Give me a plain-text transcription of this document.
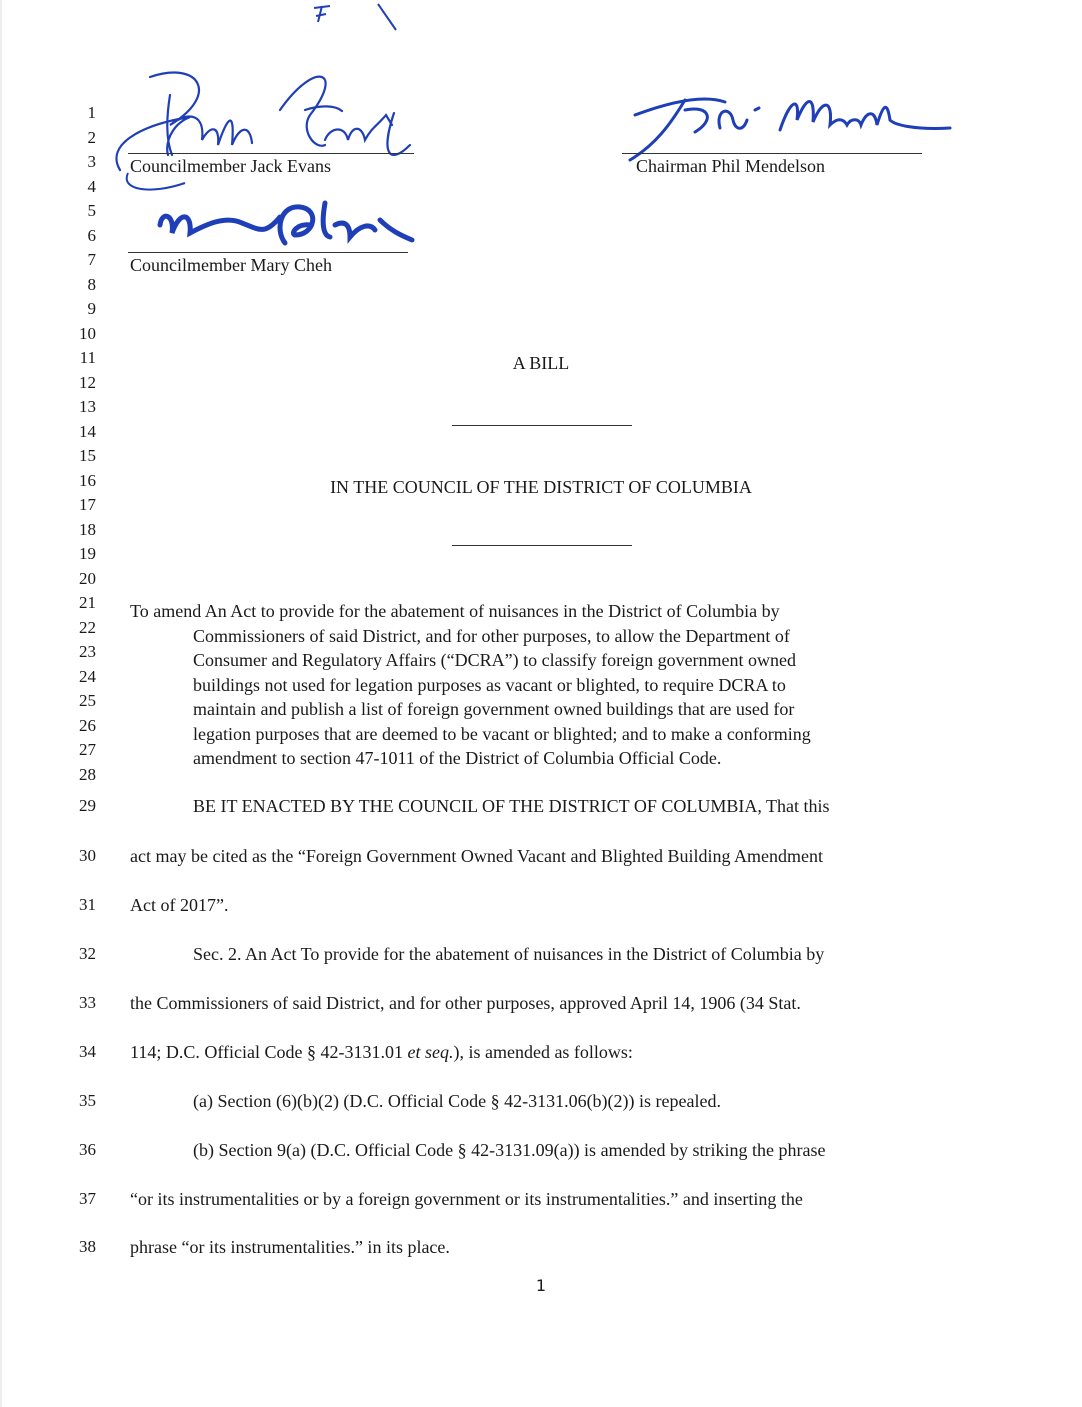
1
2
3
4
5
6
7
8
9
10
11
12
13
14
15
16
17
18
19
20
21
22
23
24
25
26
27
28
Councilmember Jack Evans	Chairman Phil Mendelson
Councilmember Mary Cheh
A BILL
IN THE COUNCIL OF THE DISTRICT OF COLUMBIA
To amend An Act to provide for the abatement of nuisances in the District of Columbia by
Commissioners of said District, and for other purposes, to allow the Department of
Consumer and Regulatory Affairs (“DCRA”) to classify foreign government owned
buildings not used for legation purposes as vacant or blighted, to require DCRA to
maintain and publish a list of foreign government owned buildings that are used for
legation purposes that are deemed to be vacant or blighted; and to make a conforming
amendment to section 47-1011 of the District of Columbia Official Code.
29	BE IT ENACTED BY THE COUNCIL OF THE DISTRICT OF COLUMBIA, That this
30 act may be cited as the “Foreign Government Owned Vacant and Blighted Building Amendment
31 Act of 2017”.
32	Sec. 2. An Act To provide for the abatement of nuisances in the District of Columbia by
33 the Commissioners of said District, and for other purposes, approved April 14, 1906 (34 Stat.
34 114; D.C. Official Code § 42-3131.01 et seq.), is amended as follows:
35	(a) Section (6)(b)(2) (D.C. Official Code § 42-3131.06(b)(2)) is repealed.
36	(b) Section 9(a) (D.C. Official Code § 42-3131.09(a)) is amended by striking the phrase
37 “or its instrumentalities or by a foreign government or its instrumentalities.” and inserting the
38 phrase “or its instrumentalities.” in its place.
1
